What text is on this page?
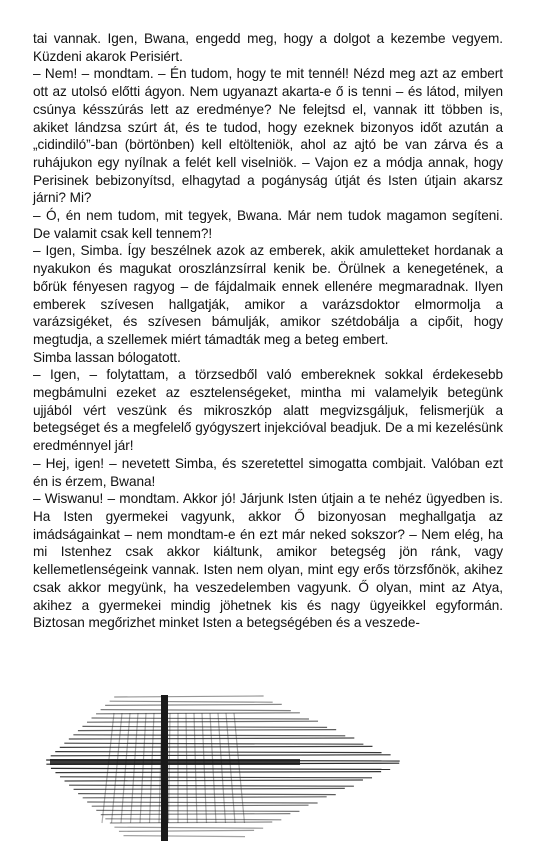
tai vannak. Igen, Bwana, engedd meg, hogy a dolgot a kezembe vegyem. Küzdeni akarok Perisiért.

– Nem! – mondtam. – Én tudom, hogy te mit tennél! Nézd meg azt az embert ott az utolsó előtti ágyon. Nem ugyanazt akarta-e ő is tenni – és látod, milyen csúnya késszúrás lett az eredménye? Ne felejtsd el, vannak itt többen is, akiket lándzsa szúrt át, és te tudod, hogy ezeknek bizonyos időt azután a „cidindiló”-ban (börtönben) kell eltölteniök, ahol az ajtó be van zárva és a ruhájukon egy nyílnak a felét kell viselniök. – Vajon ez a módja annak, hogy Perisinek bebizonyítsd, elhagytad a pogányság útját és Isten útjain akarsz járni? Mi?

– Ó, én nem tudom, mit tegyek, Bwana. Már nem tudok magamon segíteni. De valamit csak kell tennem?!

– Igen, Simba. Így beszélnek azok az emberek, akik amuletteket hordanak a nyakukon és magukat oroszlánzsírral kenik be. Örülnek a kenegetének, a bőrük fényesen ragyog – de fájdalmaik ennek ellenére megmaradnak. Ilyen emberek szívesen hallgatják, amikor a varázsdoktor elmormolja a varázsigéket, és szívesen bámulják, amikor szétdobálja a cipőit, hogy megtudja, a szellemek miért támadták meg a beteg embert.

Simba lassan bólogatott.

– Igen, – folytattam, a törzsedből való embereknek sokkal érdekesebb megbámulni ezeket az esztelenségeket, mintha mi valamelyik betegünk ujjából vért veszünk és mikroszkóp alatt megvizsgáljuk, felismerjük a betegséget és a megfelelő gyógyszert injekcióval beadjuk. De a mi kezelésünk eredménnyel jár!

– Hej, igen! – nevetett Simba, és szeretettel simogatta combjait. Valóban ezt én is érzem, Bwana!

– Wiswanu! – mondtam. Akkor jó! Járjunk Isten útjain a te nehéz ügyedben is. Ha Isten gyermekei vagyunk, akkor Ő bizonyosan meghallgatja az imádságainkat – nem mondtam-e én ezt már neked sokszor? – Nem elég, ha mi Istenhez csak akkor kiáltunk, amikor betegség jön ránk, vagy kellemetlenségeink vannak. Isten nem olyan, mint egy erős törzsfőnök, akihez csak akkor megyünk, ha veszedelemben vagyunk. Ő olyan, mint az Atya, akihez a gyermekei mindig jöhetnek kis és nagy ügyeikkel egyformán. Biztosan megőrizhet minket Isten a betegségében és a veszede-
